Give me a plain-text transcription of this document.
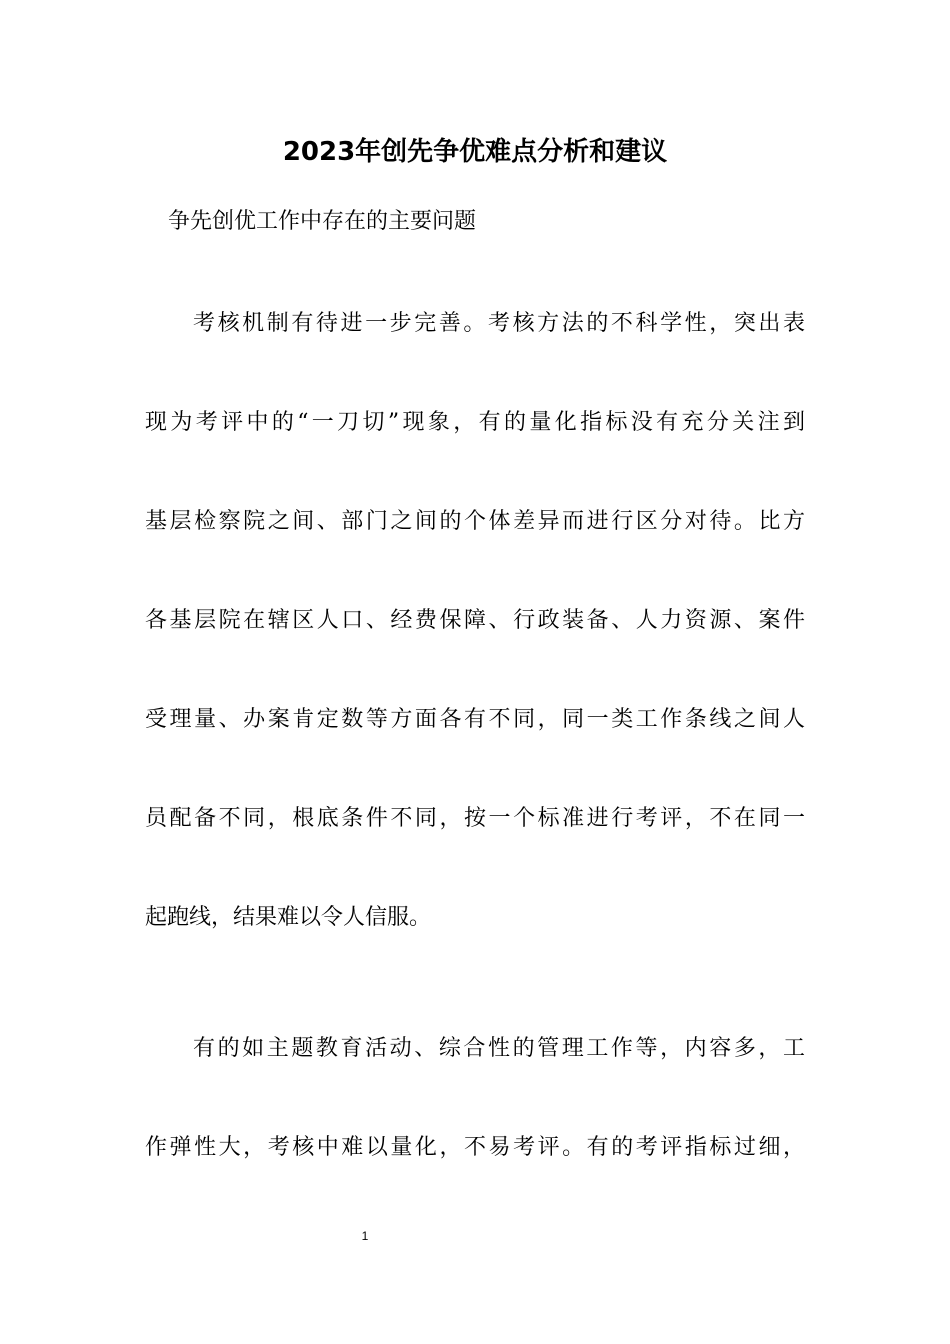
2023年创先争优难点分析和建议

争先创优工作中存在的主要问题

考核机制有待进一步完善。考核方法的不科学性，突出表

现为考评中的“一刀切”现象，有的量化指标没有充分关注到

基层检察院之间、部门之间的个体差异而进行区分对待。比方

各基层院在辖区人口、经费保障、行政装备、人力资源、案件

受理量、办案肯定数等方面各有不同，同一类工作条线之间人

员配备不同，根底条件不同，按一个标准进行考评，不在同一

起跑线，结果难以令人信服。

有的如主题教育活动、综合性的管理工作等，内容多，工

作弹性大，考核中难以量化，不易考评。有的考评指标过细，

1
